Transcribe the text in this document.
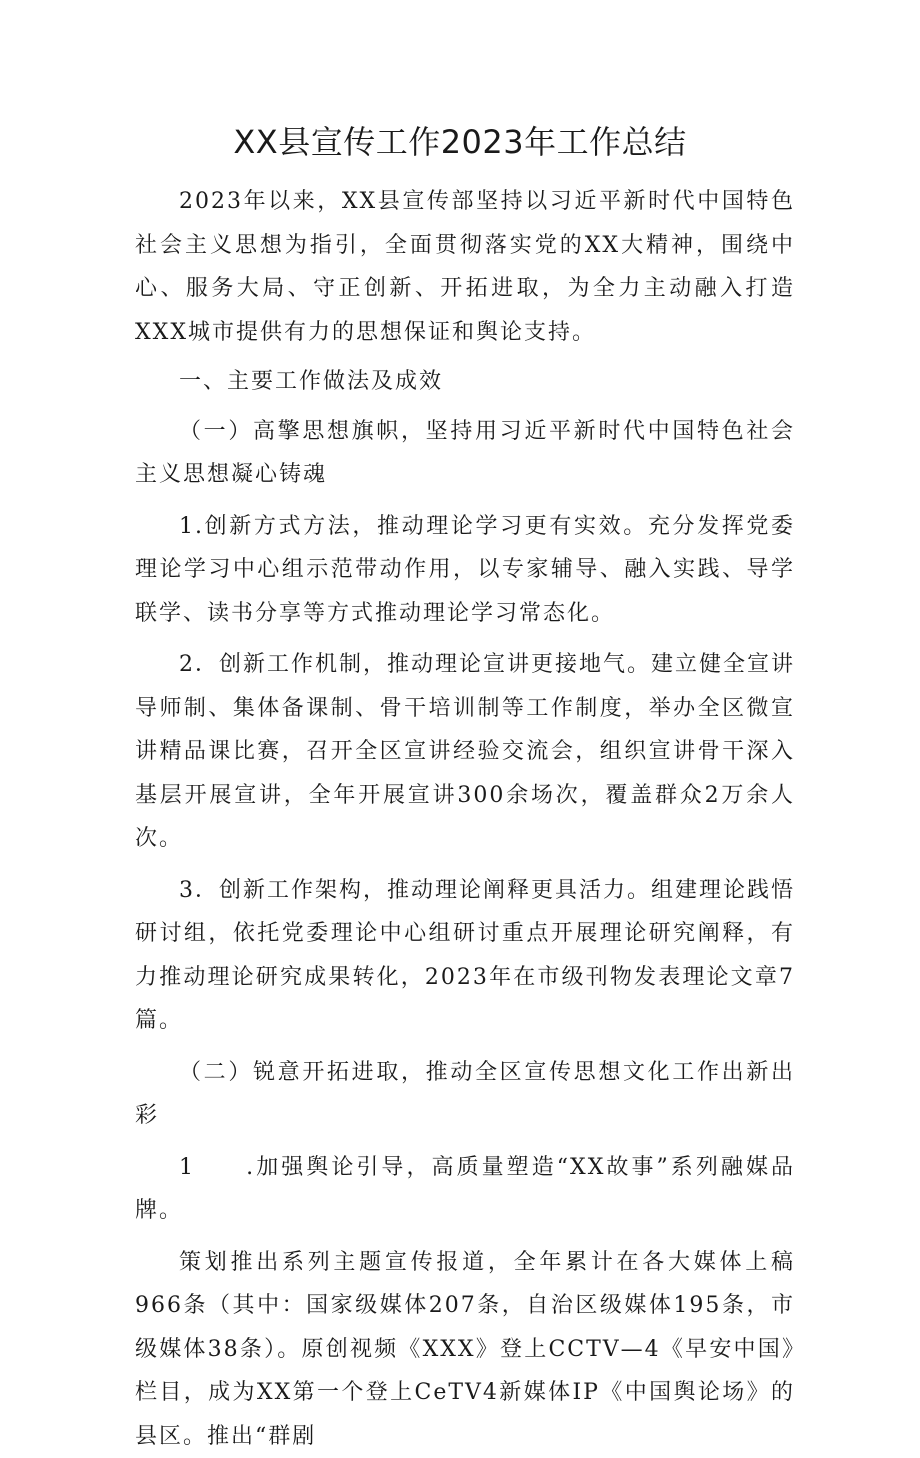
XX县宣传工作2023年工作总结

2023年以来，XX县宣传部坚持以习近平新时代中国特色社会主义思想为指引，全面贯彻落实党的XX大精神，围绕中心、服务大局、守正创新、开拓进取，为全力主动融入打造XXX城市提供有力的思想保证和舆论支持。

一、主要工作做法及成效

（一）高擎思想旗帜，坚持用习近平新时代中国特色社会主义思想凝心铸魂

1.创新方式方法，推动理论学习更有实效。充分发挥党委理论学习中心组示范带动作用，以专家辅导、融入实践、导学联学、读书分享等方式推动理论学习常态化。

2．创新工作机制，推动理论宣讲更接地气。建立健全宣讲导师制、集体备课制、骨干培训制等工作制度，举办全区微宣讲精品课比赛，召开全区宣讲经验交流会，组织宣讲骨干深入基层开展宣讲，全年开展宣讲300余场次，覆盖群众2万余人次。

3．创新工作架构，推动理论阐释更具活力。组建理论践悟研讨组，依托党委理论中心组研讨重点开展理论研究阐释，有力推动理论研究成果转化，2023年在市级刊物发表理论文章7篇。

（二）锐意开拓进取，推动全区宣传思想文化工作出新出彩

1　　.加强舆论引导，高质量塑造“XX故事”系列融媒品牌。

策划推出系列主题宣传报道，全年累计在各大媒体上稿966条（其中：国家级媒体207条，自治区级媒体195条，市级媒体38条）。原创视频《XXX》登上CCTV—4《早安中国》栏目，成为XX第一个登上CeTV4新媒体IP《中国舆论场》的县区。推出“群剧
